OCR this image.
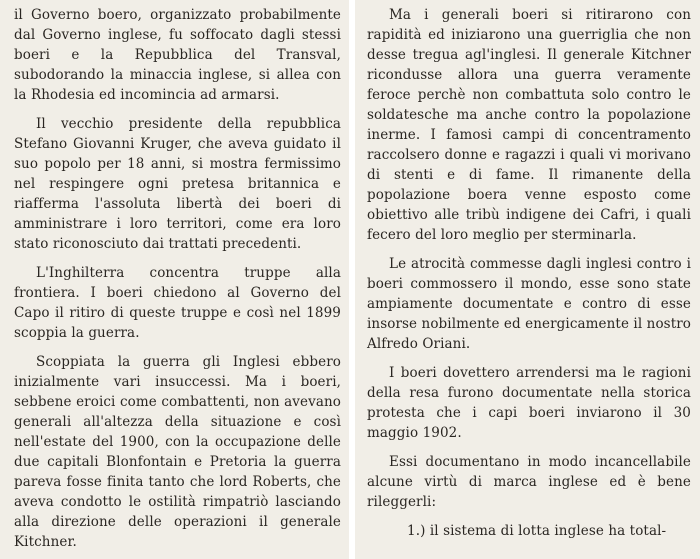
il Governo boero, organizzato probabilmente dal Governo inglese, fu soffocato dagli stessi boeri e la Repubblica del Transval, subodorando la minaccia inglese, si allea con la Rhodesia ed incomincia ad armarsi.

Il vecchio presidente della repubblica Stefano Giovanni Kruger, che aveva guidato il suo popolo per 18 anni, si mostra fermissimo nel respingere ogni pretesa britannica e riafferma l'assoluta libertà dei boeri di amministrare i loro territori, come era loro stato riconosciuto dai trattati precedenti.

L'Inghilterra concentra truppe alla frontiera. I boeri chiedono al Governo del Capo il ritiro di queste truppe e così nel 1899 scoppia la guerra.

Scoppiata la guerra gli Inglesi ebbero inizialmente vari insuccessi. Ma i boeri, sebbene eroici come combattenti, non avevano generali all'altezza della situazione e così nell'estate del 1900, con la occupazione delle due capitali Blonfontain e Pretoria la guerra pareva fosse finita tanto che lord Roberts, che aveva condotto le ostilità rimpatriò lasciando alla direzione delle operazioni il generale Kitchner.

Ma i generali boeri si ritirarono con rapidità ed iniziarono una guerriglia che non desse tregua agl'inglesi. Il generale Kitchner ricondusse allora una guerra veramente feroce perchè non combattuta solo contro le soldatesche ma anche contro la popolazione inerme. I famosi campi di concentramento raccolsero donne e ragazzi i quali vi morivano di stenti e di fame. Il rimanente della popolazione boera venne esposto come obiettivo alle tribù indigene dei Cafri, i quali fecero del loro meglio per sterminarla.

Le atrocità commesse dagli inglesi contro i boeri commossero il mondo, esse sono state ampiamente documentate e contro di esse insorse nobilmente ed energicamente il nostro Alfredo Oriani.

I boeri dovettero arrendersi ma le ragioni della resa furono documentate nella storica protesta che i capi boeri inviarono il 30 maggio 1902.

Essi documentano in modo incancellabile alcune virtù di marca inglese ed è bene rileggerli:

1.) il sistema di lotta inglese ha total-
